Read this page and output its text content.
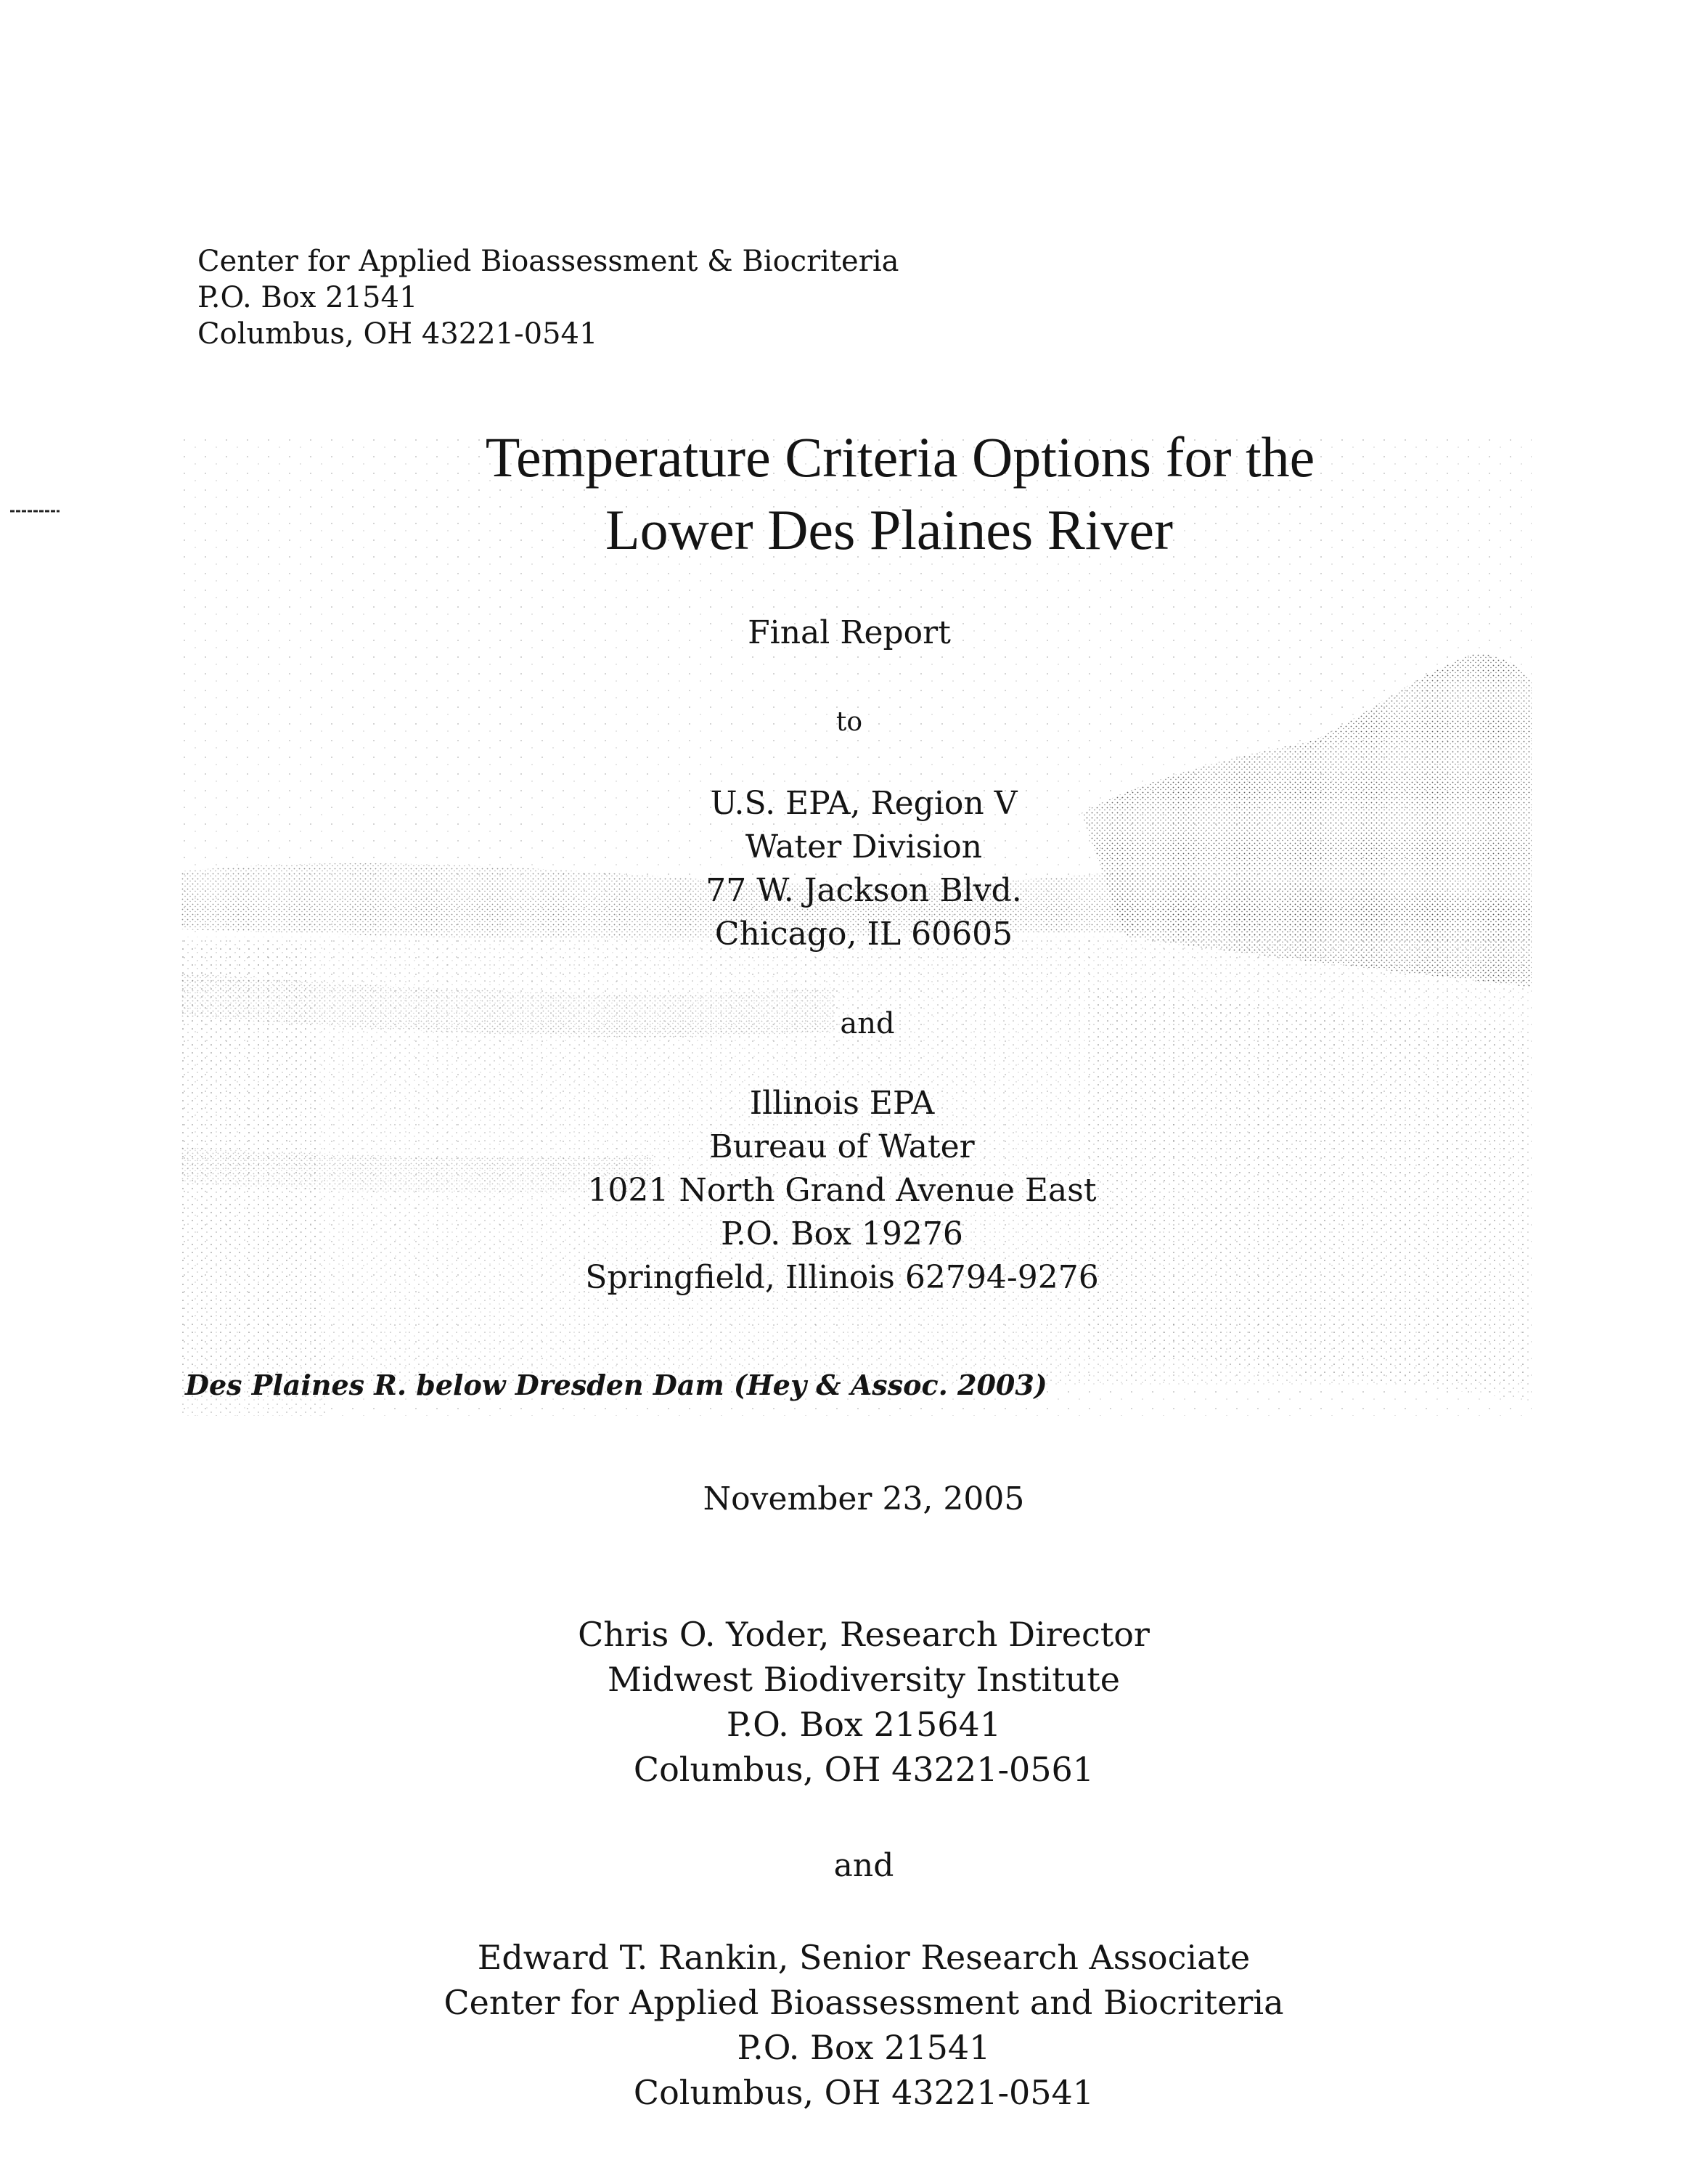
Center for Applied Bioassessment & Biocriteria
P.O. Box 21541
Columbus, OH 43221-0541
Temperature Criteria Options for the
Lower Des Plaines River
Final Report
to
U.S. EPA, Region V
Water Division
77 W. Jackson Blvd.
Chicago, IL 60605
and
Illinois EPA
Bureau of Water
1021 North Grand Avenue East
P.O. Box 19276
Springfield, Illinois 62794-9276
Des Plaines R. below Dresden Dam (Hey & Assoc. 2003)
November 23, 2005
Chris O. Yoder, Research Director
Midwest Biodiversity Institute
P.O. Box 215641
Columbus, OH 43221-0561
and
Edward T. Rankin, Senior Research Associate
Center for Applied Bioassessment and Biocriteria
P.O. Box 21541
Columbus, OH 43221-0541
